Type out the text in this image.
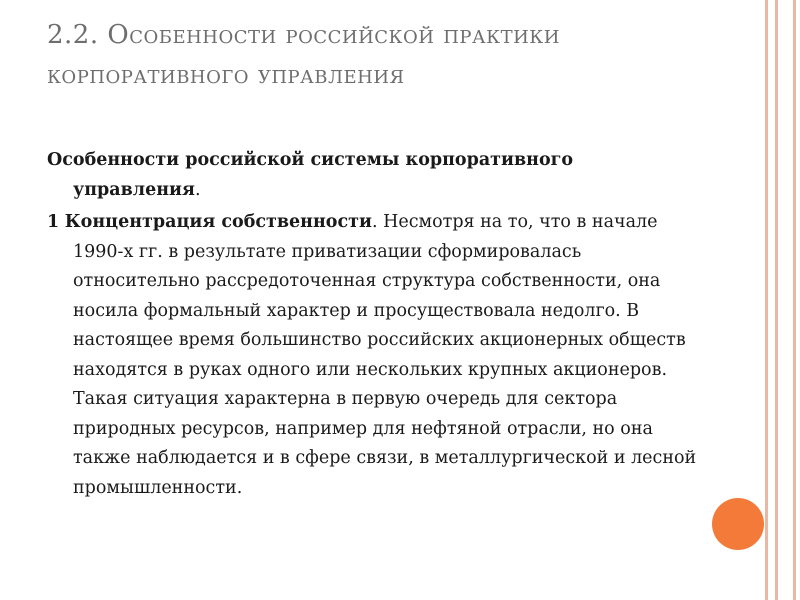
2.2. Особенности российской практики
корпоративного управления

Особенности российской системы корпоративного управления.

1 Концентрация собственности. Несмотря на то, что в начале 1990-х гг. в результате приватизации сформировалась относительно рассредоточенная структура собственности, она носила формальный характер и просуществовала недолго. В настоящее время большинство российских акционерных обществ находятся в руках одного или нескольких крупных акционеров. Такая ситуация характерна в первую очередь для сектора природных ресурсов, например для нефтяной отрасли, но она также наблюдается и в сфере связи, в металлургической и лесной промышленности.
